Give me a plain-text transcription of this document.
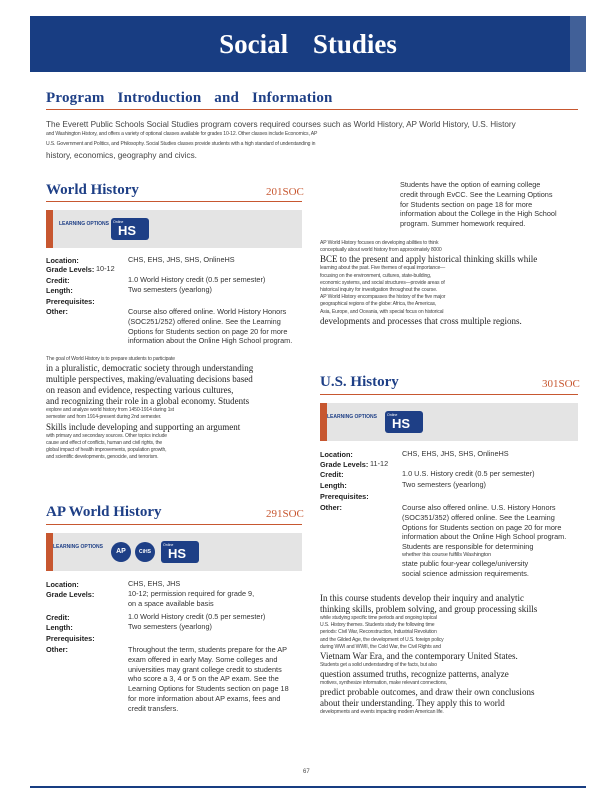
Social Studies
Program Introduction and Information
The Everett Public Schools Social Studies program covers required courses such as World History, AP World History, U.S. History
and Washington History, and offers a variety of optional classes available for grades 10-12. Other classes include Economics, AP
U.S. Government and Politics, and Philosophy. Social Studies classes provide students with a high standard of understanding in
history, economics, geography and civics.
World History	201SOC
LEARNING OPTIONS Online
HS
Location:	CHS, EHS, JHS, SHS, OnlineHS
Grade Levels: 10-12
Credit:	1.0 World History credit (0.5 per semester)
Length:	Two semesters (yearlong)
Prerequisites:
Other:	Course also offered online. World History Honors
(SOC251/252) offered online. See the Learning
Options for Students section on page 20 for more
information about the Online High School program.
The goal of World History is to prepare students to participate
in a pluralistic, democratic society through understanding
multiple perspectives, making/evaluating decisions based
on reason and evidence, respecting various cultures,
and recognizing their role in a global economy. Students
explore and analyze world history from 1450-1914 during 1st
semester and from 1914-present during 2nd semester.
Skills include developing and supporting an argument
with primary and secondary sources. Other topics include
cause and effect of conflicts, human and civil rights, the
global impact of health improvements, population growth,
and scientific developments, genocide, and terrorism.
AP World History	291SOC
LEARNING OPTIONS
AP	CiHS
Online
HS
Location:	CHS, EHS, JHS
Grade Levels:	10-12; permission required for grade 9,
on a space available basis
Credit:	1.0 World History credit (0.5 per semester)
Length:	Two semesters (yearlong)
Prerequisites:
Other:	Throughout the term, students prepare for the AP
exam offered in early May. Some colleges and
universities may grant college credit to students
who score a 3, 4 or 5 on the AP exam. See the
Learning Options for Students section on page 18
for more information about AP exams, fees and
credit transfers.
Students have the option of earning college
credit through EvCC. See the Learning Options
for Students section on page 18 for more
information about the College in the High School
program. Summer homework required.
AP World History focuses on developing abilities to think
conceptually about world history from approximately 8000
BCE to the present and apply historical thinking skills while
learning about the past. Five themes of equal importance—
focusing on the environment, cultures, state-building,
economic systems, and social structures—provide areas of
historical inquiry for investigation throughout the course.
AP World History encompasses the history of the five major
geographical regions of the globe: Africa, the Americas,
Asia, Europe, and Oceania, with special focus on historical
developments and processes that cross multiple regions.
U.S. History	301SOC
LEARNING OPTIONS	Online
HS
Location:	CHS, EHS, JHS, SHS, OnlineHS
Grade Levels: 11-12
Credit:	1.0 U.S. History credit (0.5 per semester)
Length:	Two semesters (yearlong)
Prerequisites:
Other:	Course also offered online. U.S. History Honors
(SOC351/352) offered online. See the Learning
Options for Students section on page 20 for more
information about the Online High School program.
Students are responsible for determining
whether this course fulfills Washington
state public four-year college/university
social science admission requirements.
In this course students develop their inquiry and analytic
thinking skills, problem solving, and group processing skills
while studying specific time periods and ongoing topical
U.S. History themes. Students study the following time
periods: Civil War, Reconstruction, Industrial Revolution
and the Gilded Age, the development of U.S. foreign policy
during WWI and WWII, the Cold War, the Civil Rights and
Vietnam War Era, and the contemporary United States.
Students get a solid understanding of the facts, but also
question assumed truths, recognize patterns, analyze
motives, synthesize information, make relevant connections,
predict probable outcomes, and draw their own conclusions
about their understanding. They apply this to world
developments and events impacting modern American life.
67
